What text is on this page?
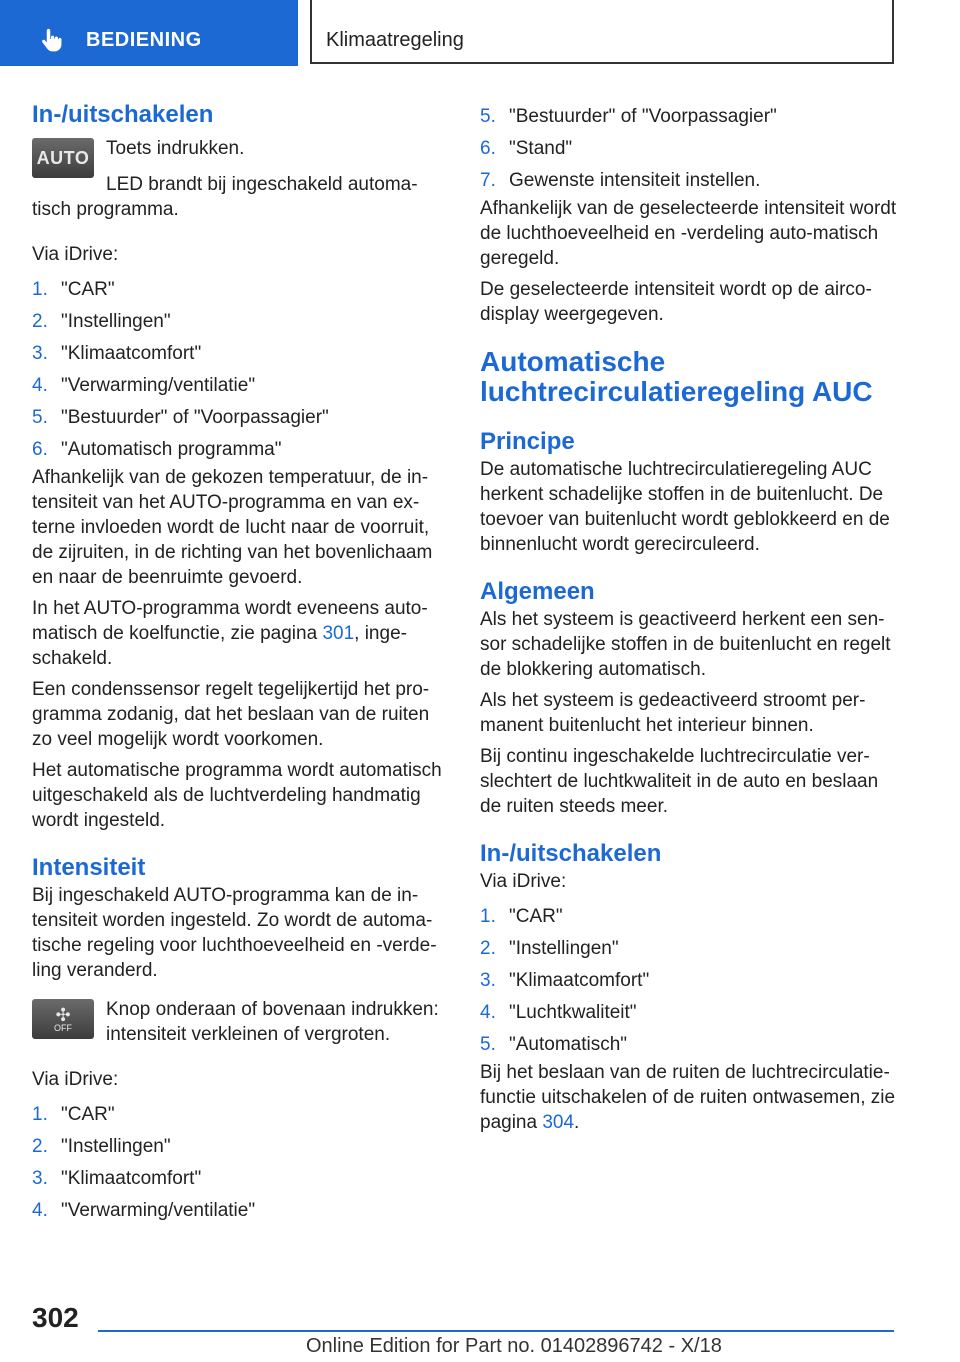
BEDIENING	Klimaatregeling
In-/uitschakelen
AUTO Toets indrukken.

LED brandt bij ingeschakeld automa-tisch programma.

Via iDrive:

1. "CAR"
2. "Instellingen"
3. "Klimaatcomfort"
4. "Verwarming/ventilatie"
5. "Bestuurder" of "Voorpassagier"
6. "Automatisch programma"

Afhankelijk van de gekozen temperatuur, de in-tensiteit van het AUTO-programma en van ex-terne invloeden wordt de lucht naar de voorruit, de zijruiten, in de richting van het bovenlichaam en naar de beenruimte gevoerd.

In het AUTO-programma wordt eveneens auto-matisch de koelfunctie, zie pagina 301, inge-schakeld.

Een condenssensor regelt tegelijkertijd het pro-gramma zodanig, dat het beslaan van de ruiten zo veel mogelijk wordt voorkomen.

Het automatische programma wordt automatisch uitgeschakeld als de luchtverdeling handmatig wordt ingesteld.

Intensiteit

Bij ingeschakeld AUTO-programma kan de in-tensiteit worden ingesteld. Zo wordt de automa-tische regeling voor luchthoeveelheid en -verde-ling veranderd.

✣
OFF

Knop onderaan of bovenaan indrukken: intensiteit verkleinen of vergroten.

Via iDrive:

1. "CAR"
2. "Instellingen"
3. "Klimaatcomfort"
4. "Verwarming/ventilatie"
5. "Bestuurder" of "Voorpassagier"
6. "Stand"
7. Gewenste intensiteit instellen.

Afhankelijk van de geselecteerde intensiteit wordt de luchthoeveelheid en -verdeling auto-matisch geregeld.

De geselecteerde intensiteit wordt op de airco-display weergegeven.

Automatische luchtrecirculatieregeling AUC
Principe

De automatische luchtrecirculatieregeling AUC herkent schadelijke stoffen in de buitenlucht. De toevoer van buitenlucht wordt geblokkeerd en de binnenlucht wordt gerecirculeerd.

Algemeen

Als het systeem is geactiveerd herkent een sen-sor schadelijke stoffen in de buitenlucht en regelt de blokkering automatisch.

Als het systeem is gedeactiveerd stroomt per-manent buitenlucht het interieur binnen.

Bij continu ingeschakelde luchtrecirculatie ver-slechtert de luchtkwaliteit in de auto en beslaan de ruiten steeds meer.

In-/uitschakelen

Via iDrive:

1. "CAR"
2. "Instellingen"
3. "Klimaatcomfort"
4. "Luchtkwaliteit"
5. "Automatisch"

Bij het beslaan van de ruiten de luchtrecirculatie-functie uitschakelen of de ruiten ontwasemen, zie pagina 304.

302
Online Edition for Part no. 01402896742 - X/18
